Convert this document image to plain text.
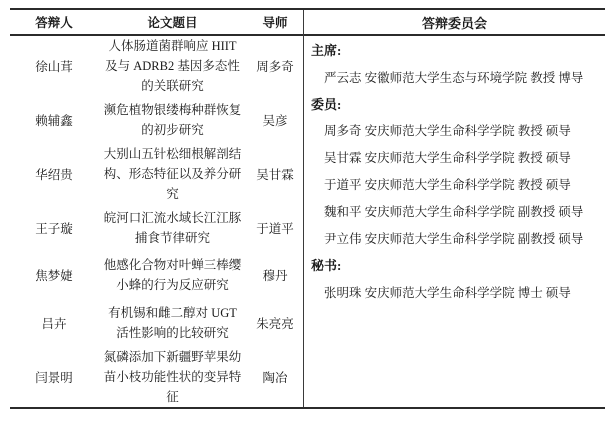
答辩人	论文题目	导师
徐山茸
人体肠道菌群响应 HIIT 及与 ADRB2 基因多态性的关联研究
周多奇
赖辅鑫
濒危植物银缕梅种群恢复的初步研究
吴彦
华绍贵
大别山五针松细根解剖结构、形态特征以及养分研究
吴甘霖
王子璇
皖河口汇流水域长江江豚捕食节律研究
于道平
焦梦婕
他感化合物对叶蝉三棒缨小蜂的行为反应研究
穆丹
吕卉
有机锡和雌二醇对 UGT 活性影响的比较研究
朱亮亮
闫景明
氮磷添加下新疆野苹果幼苗小枝功能性状的变异特征
陶冶
答辩委员会
主席:
严云志 安徽师范大学生态与环境学院 教授 博导
委员:
周多奇 安庆师范大学生命科学学院 教授 硕导
吴甘霖 安庆师范大学生命科学学院 教授 硕导
于道平 安庆师范大学生命科学学院 教授 硕导
魏和平 安庆师范大学生命科学学院 副教授 硕导
尹立伟 安庆师范大学生命科学学院 副教授 硕导
秘书:
张明珠 安庆师范大学生命科学学院 博士 硕导
